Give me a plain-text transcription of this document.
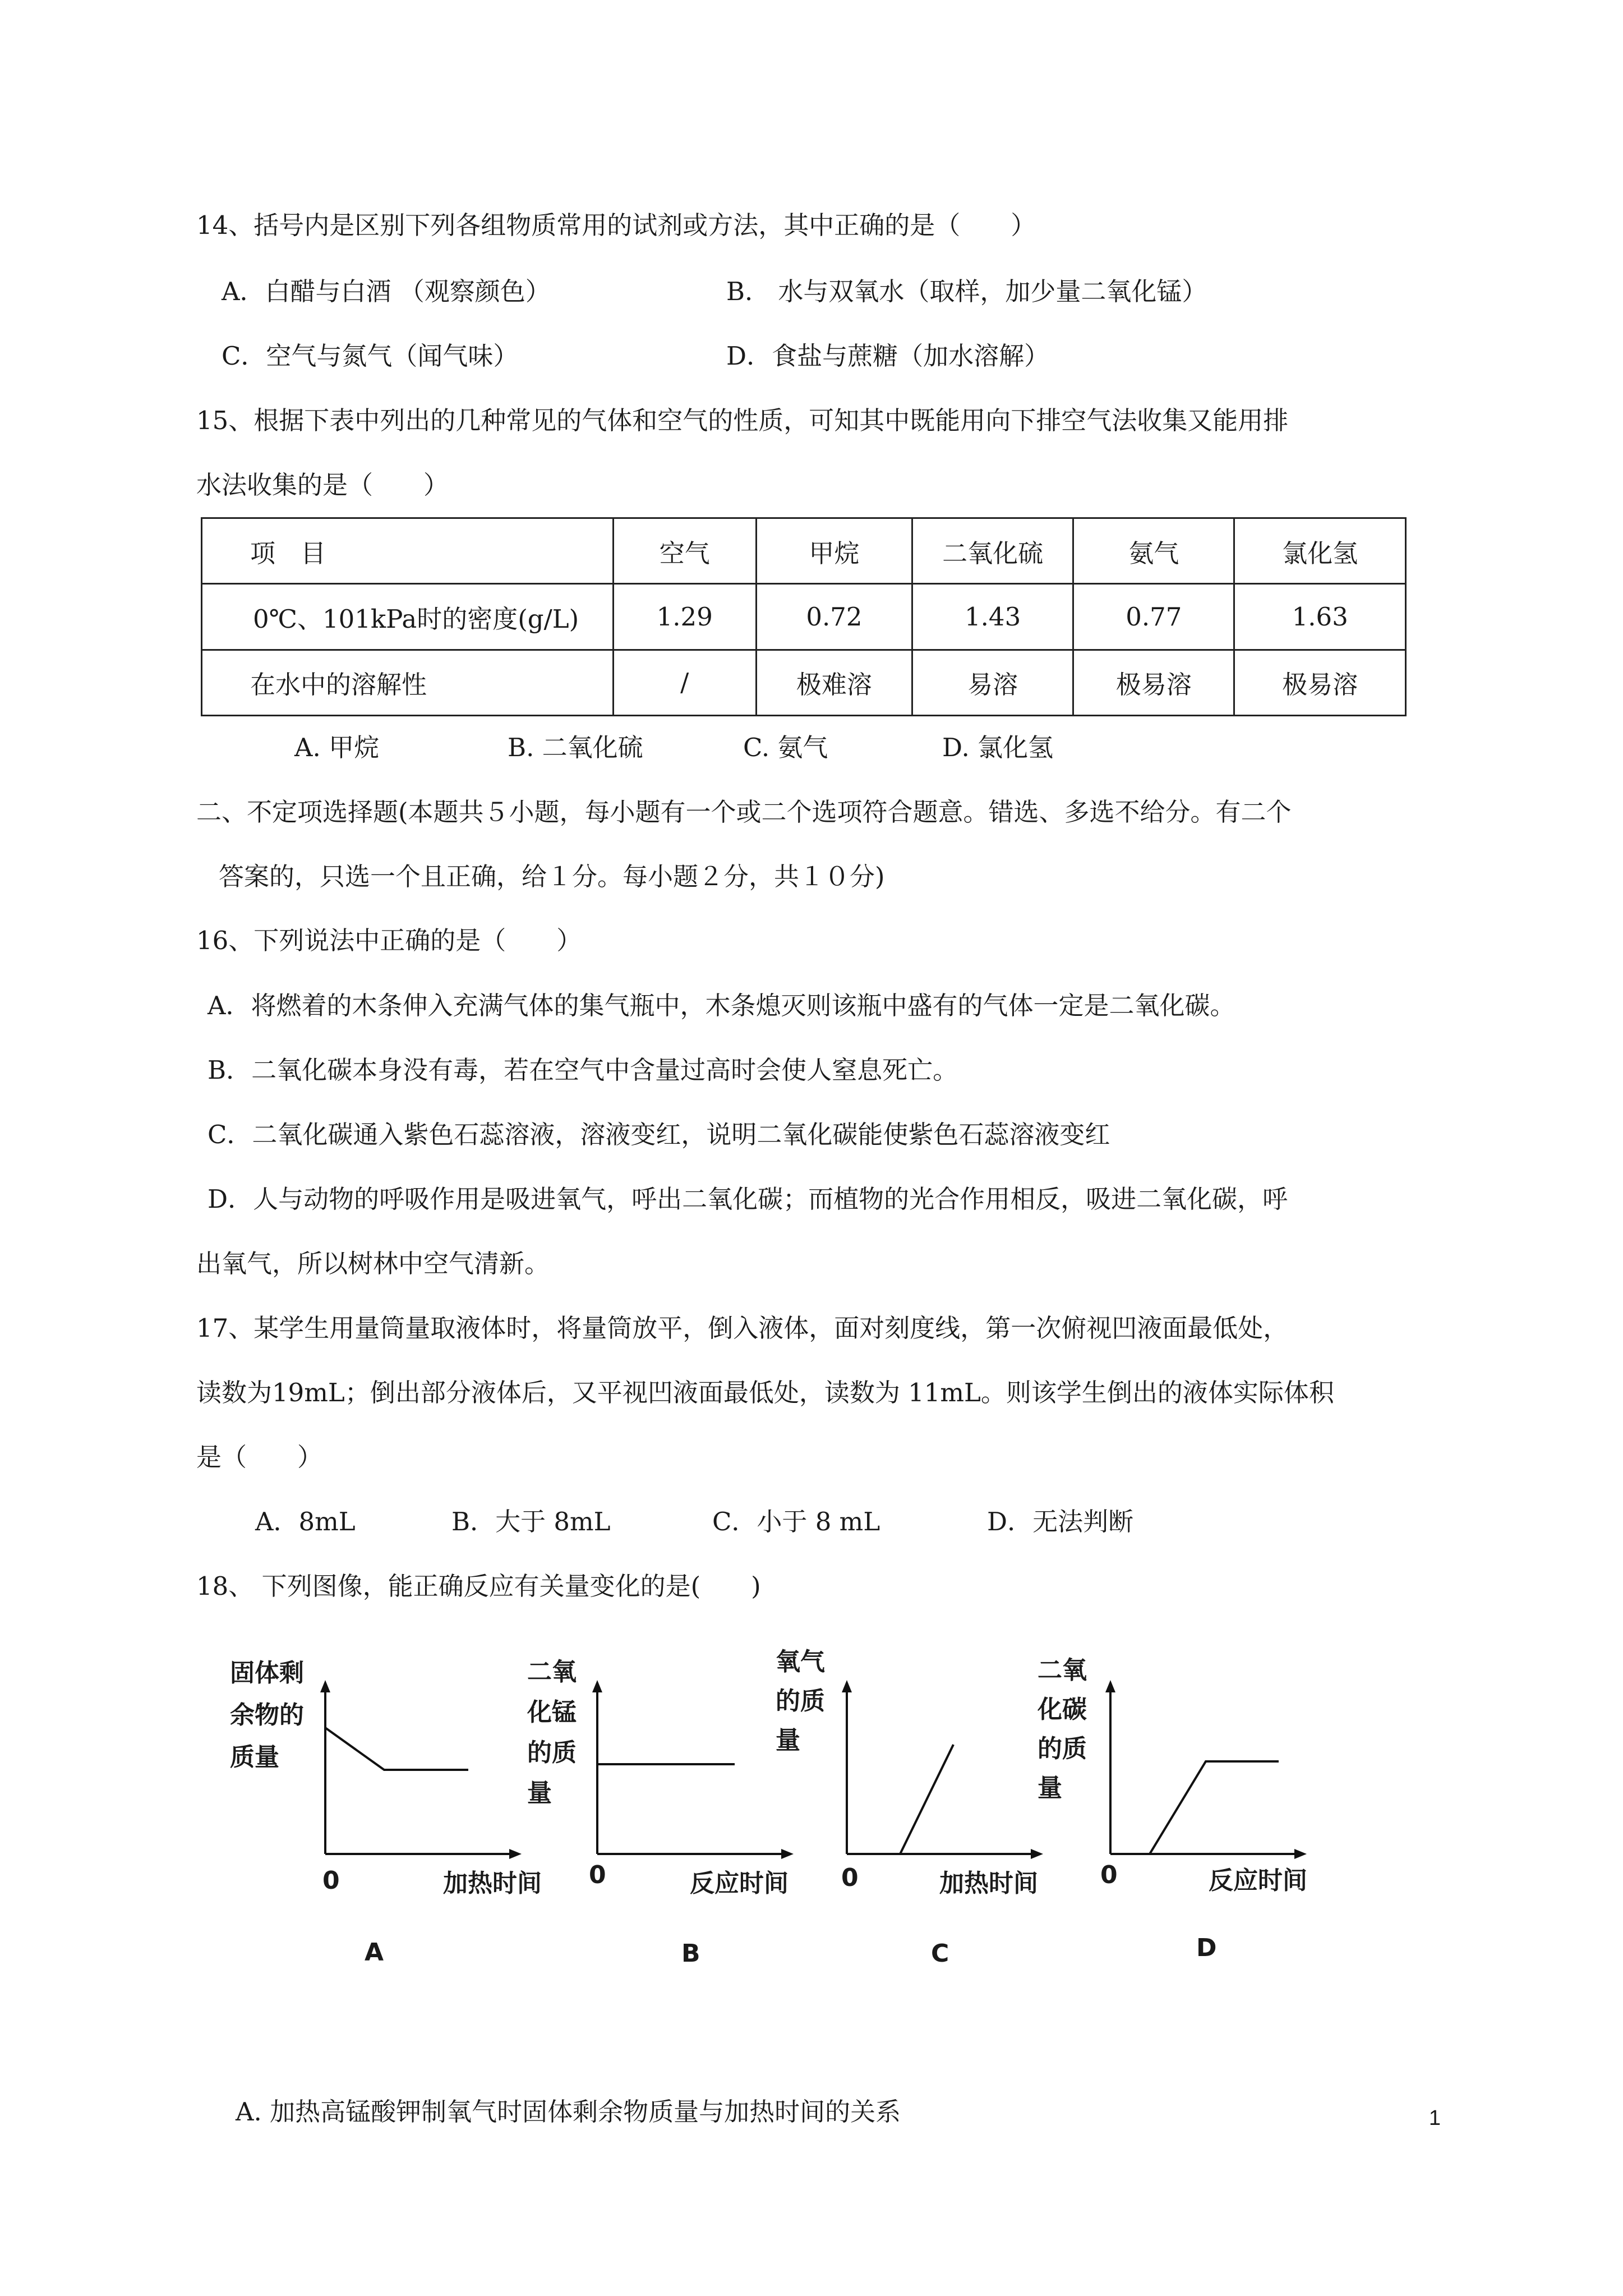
14、括号内是区别下列各组物质常用的试剂或方法，其中正确的是（　　）
A．白醋与白酒 （观察颜色）	B． 水与双氧水（取样，加少量二氧化锰）
C．空气与氮气（闻气味）	D．食盐与蔗糖（加水溶解）
15、根据下表中列出的几种常见的气体和空气的性质，可知其中既能用向下排空气法收集又能用排
水法收集的是（　　）
项　目	空气	甲烷	二氧化硫	氨气	氯化氢
0℃、101kPa时的密度(g/L)	1.29	0.72	1.43	0.77	1.63
在水中的溶解性	/	极难溶	易溶	极易溶	极易溶
A. 甲烷	B. 二氧化硫	C. 氨气	D. 氯化氢
二、不定项选择题(本题共５小题，每小题有一个或二个选项符合题意。错选、多选不给分。有二个
答案的，只选一个且正确，给１分。每小题２分，共１０分)
16、下列说法中正确的是（　　）
A．将燃着的木条伸入充满气体的集气瓶中，木条熄灭则该瓶中盛有的气体一定是二氧化碳。
B．二氧化碳本身没有毒，若在空气中含量过高时会使人窒息死亡。
C．二氧化碳通入紫色石蕊溶液，溶液变红，说明二氧化碳能使紫色石蕊溶液变红
D．人与动物的呼吸作用是吸进氧气，呼出二氧化碳；而植物的光合作用相反，吸进二氧化碳，呼
出氧气，所以树林中空气清新。
17、某学生用量筒量取液体时，将量筒放平，倒入液体，面对刻度线，第一次俯视凹液面最低处，
读数为19mL；倒出部分液体后，又平视凹液面最低处，读数为 11mL。则该学生倒出的液体实际体积
是（　　）
A．8mL	B．大于 8mL	C．小于 8 mL	D．无法判断
18、 下列图像，能正确反应有关量变化的是(　　)
固体剩
余物的
质量
0	加热时间
A
二氧
化锰
的质
量
0	反应时间
B
氧气
的质
量
0	加热时间
C
二氧
化碳
的质
量
0	反应时间
D
A. 加热高锰酸钾制氧气时固体剩余物质量与加热时间的关系	1
